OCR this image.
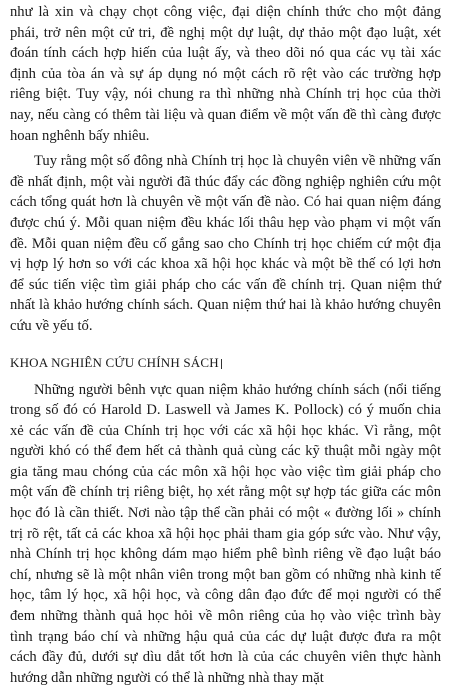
như là xin và chạy chọt công việc, đại diện chính thức cho một đảng phái, trở nên một cử tri, đề nghị một dự luật, dự thảo một đạo luật, xét đoán tính cách hợp hiến của luật ấy, và theo dõi nó qua các vụ tài xác định của tòa án và sự áp dụng nó một cách rõ rệt vào các trường hợp riêng biệt. Tuy vậy, nói chung ra thì những nhà Chính trị học của thời nay, nếu càng có thêm tài liệu và quan điểm về một vấn đề thì càng được hoan nghênh bấy nhiêu.

Tuy rằng một số đông nhà Chính trị học là chuyên viên về những vấn đề nhất định, một vài người đã thúc đẩy các đồng nghiệp nghiên cứu một cách tổng quát hơn là chuyên về một vấn đề nào. Có hai quan niệm đáng được chú ý. Mỗi quan niệm đều khác lối thâu hẹp vào phạm vi một vấn đề. Mỗi quan niệm đều cố gắng sao cho Chính trị học chiếm cứ một địa vị hợp lý hơn so với các khoa xã hội học khác và một bề thế có lợi hơn để súc tiến việc tìm giải pháp cho các vấn đề chính trị. Quan niệm thứ nhất là khảo hướng chính sách. Quan niệm thứ hai là khảo hướng chuyên cứu về yếu tố.

KHOA NGHIÊN CỨU CHÍNH SÁCH

Những người bênh vực quan niệm khảo hướng chính sách (nổi tiếng trong số đó có Harold D. Laswell và James K. Pollock) có ý muốn chia xẻ các vấn đề của Chính trị học với các xã hội học khác. Vì rằng, một người khó có thể đem hết cả thành quả cùng các kỹ thuật mỗi ngày một gia tăng mau chóng của các môn xã hội học vào việc tìm giải pháp cho một vấn đề chính trị riêng biệt, họ xét rằng một sự hợp tác giữa các môn học đó là cần thiết. Nơi nào tập thể cần phải có một « đường lối » chính trị rõ rệt, tất cả các khoa xã hội học phải tham gia góp sức vào. Như vậy, nhà Chính trị học không dám mạo hiểm phê bình riêng về đạo luật báo chí, nhưng sẽ là một nhân viên trong một ban gồm có những nhà kinh tế học, tâm lý học, xã hội học, và công dân đạo đức để mọi người có thể đem những thành quả học hỏi về môn riêng của họ vào việc trình bày tình trạng báo chí và những hậu quả của các dự luật được đưa ra một cách đầy đủ, dưới sự dìu dắt tốt hơn là của các chuyên viên thực hành hướng dẫn những người có thể là những nhà thay mặt
